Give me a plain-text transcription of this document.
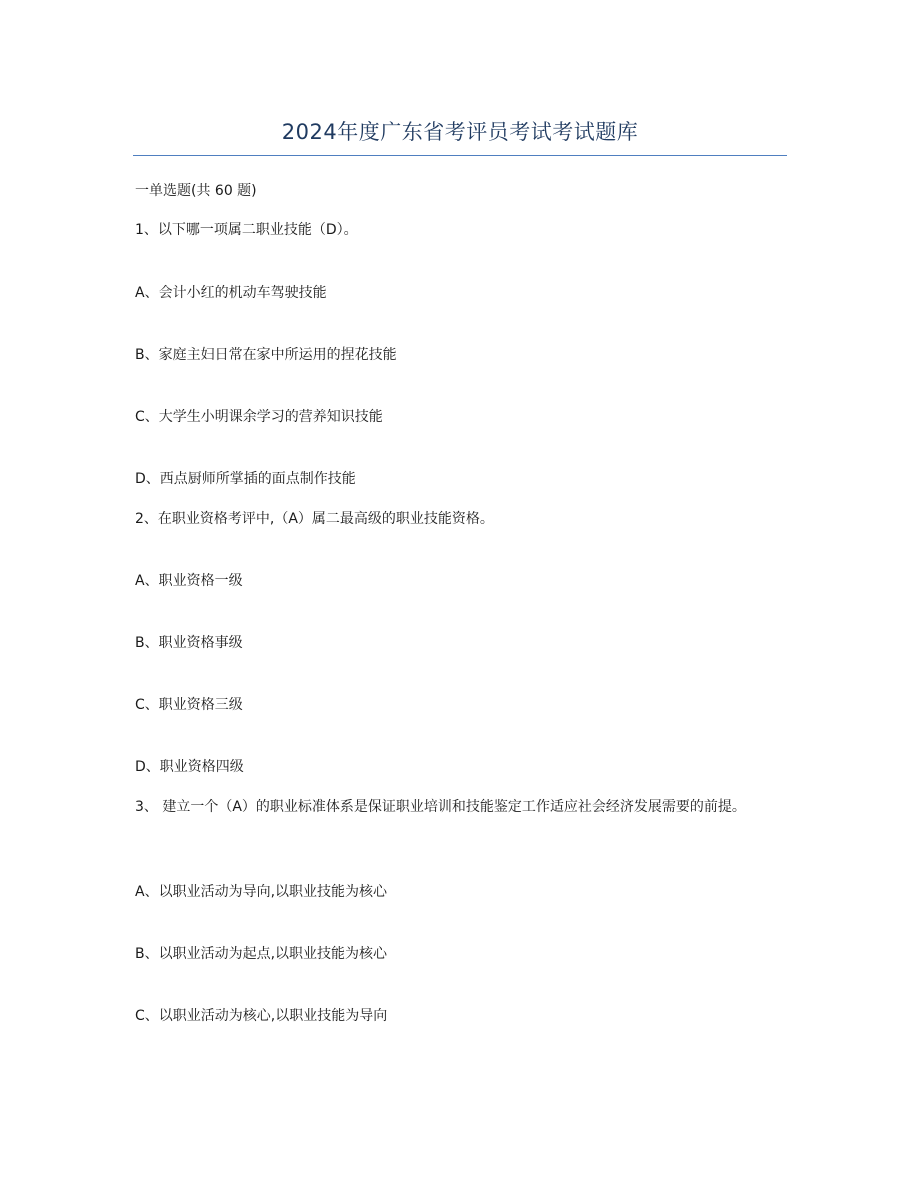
2024年度广东省考评员考试考试题库
一单选题(共 60 题)
1、以下哪一项属二职业技能（D）。
A、会计小红的机动车驾驶技能
B、家庭主妇日常在家中所运用的捏花技能
C、大学生小明课余学习的营养知识技能
D、西点厨师所掌插的面点制作技能
2、在职业资格考评中,（A）属二最高级的职业技能资格。
A、职业资格一级
B、职业资格事级
C、职业资格三级
D、职业资格四级
3、 建立一个（A）的职业标准体系是保证职业培训和技能鉴定工作适应社会经济发展需要的前提。
A、以职业活动为导向,以职业技能为核心
B、以职业活动为起点,以职业技能为核心
C、以职业活动为核心,以职业技能为导向
